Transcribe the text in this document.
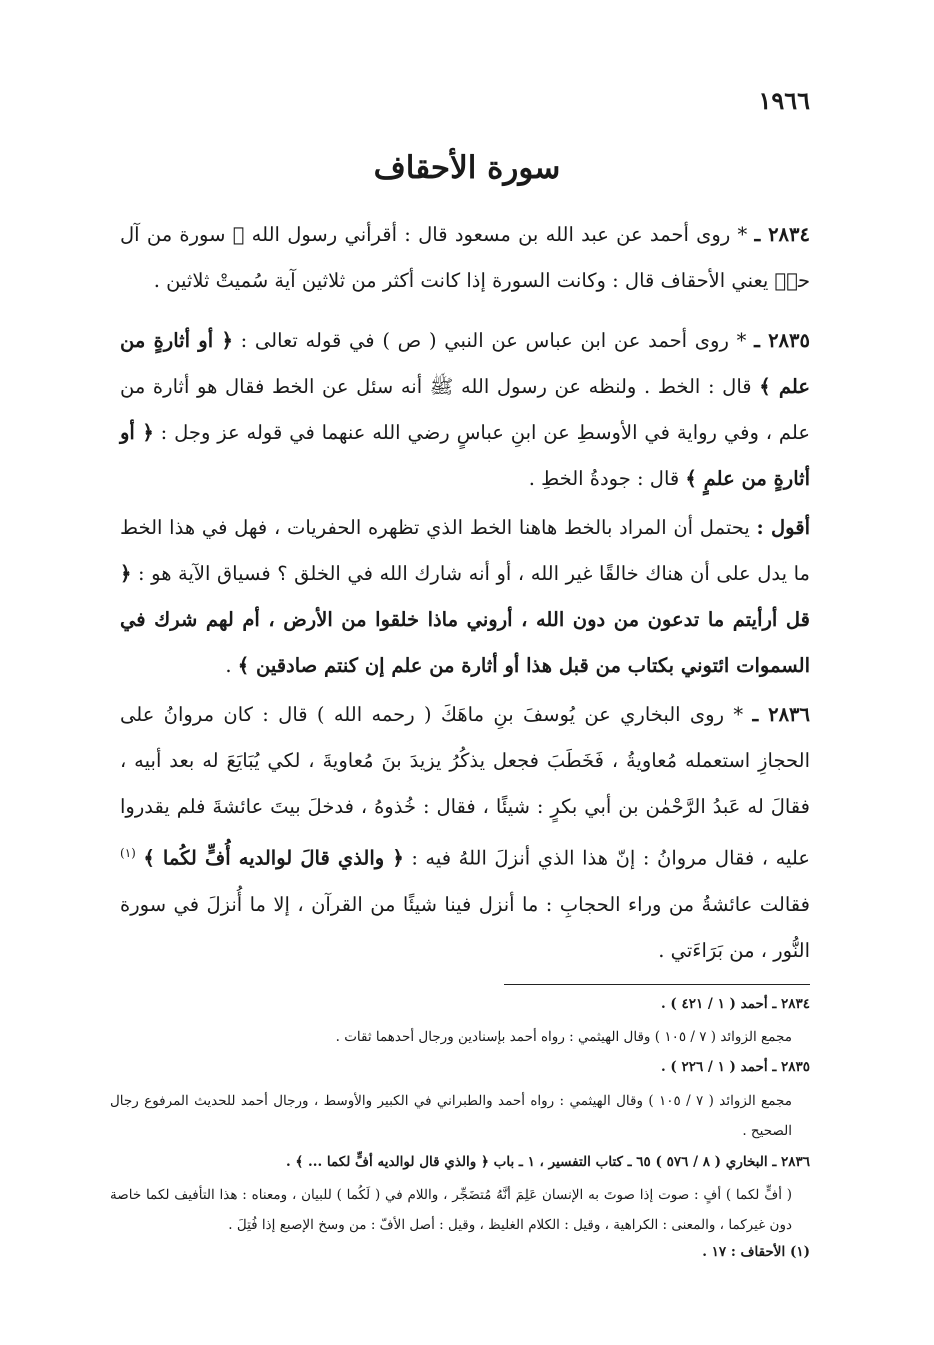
١٩٦٦
سورة الأحقاف
٢٨٣٤ ـ * روى أحمد عن عبد الله بن مسعود قال : أقرأني رسول الله ﷺ سورة من آل حمۤ يعني الأحقاف قال : وكانت السورة إذا كانت أكثر من ثلاثين آية سُميتْ ثلاثين .
٢٨٣٥ ـ * روى أحمد عن ابن عباس عن النبي ( ص ) في قوله تعالى : ﴿ أو أثارةٍ من علم ﴾ قال : الخط . ولنظه عن رسول الله ﷺ أنه سئل عن الخط فقال هو أثارة من علم ، وفي رواية في الأوسطِ عن ابنِ عباسٍ رضي الله عنهما في قوله عز وجل : ﴿ أو أثارةٍ من علمٍ ﴾ قال : جودةُ الخطِ .
أقول : يحتمل أن المراد بالخط هاهنا الخط الذي تظهره الحفريات ، فهل في هذا الخط ما يدل على أن هناك خالقًا غير الله ، أو أنه شارك الله في الخلق ؟ فسياق الآية هو : ﴿ قل أرأيتم ما تدعون من دون الله ، أروني ماذا خلقوا من الأرض ، أم لهم شرك في السموات ائتوني بكتاب من قبل هذا أو أثارة من علم إن كنتم صادقين ﴾ .
٢٨٣٦ ـ * روى البخاري عن يُوسفَ بنِ ماهَكَ ( رحمه الله ) قال : كان مروانُ على الحجازِ استعمله مُعاويةُ ، فَخَطَبَ فجعل يذكُرُ يزيدَ بنَ مُعاويةَ ، لكي يُبَايَعَ له بعد أبيه ، فقالَ له عَبدُ الرَّحْمٰن بن أبي بكرٍ : شيئًا ، فقال : خُذوهُ ، فدخلَ بيتَ عائشةَ فلم يقدروا عليه ، فقال مروانُ : إنّ هذا الذي أنزلَ اللهُ فيه : ﴿ والذي قالَ لوالديه أُفٍّ لكُما ﴾ $^{(١)}$ فقالت عائشةُ من وراء الحجابِ : ما أنزل فينا شيئًا من القرآن ، إلا ما أُنزلَ في سورة النُّور ، من بَرَاءَتي .
٢٨٣٤ ـ أحمد ( ١ / ٤٢١ ) .
مجمع الزوائد ( ٧ / ١٠٥ ) وقال الهيثمي : رواه أحمد بإسنادين ورجال أحدهما ثقات .
٢٨٣٥ ـ أحمد ( ١ / ٢٢٦ ) .
مجمع الزوائد ( ٧ / ١٠٥ ) وقال الهيثمي : رواه أحمد والطبراني في الكبير والأوسط ، ورجال أحمد للحديث المرفوع رجال الصحيح .
٢٨٣٦ ـ البخاري ( ٨ / ٥٧٦ ) ٦٥ ـ كتاب التفسير ، ١ ـ باب ﴿ والذي قال لوالديه أفٍّ لكما ... ﴾ .
( أفٍّ لكما ) أفٍ : صوت إذا صوتَ به الإنسان عَلِمَ أنَّهُ مُتضَجِّر ، واللام في ( لَكُما ) للبيان ، ومعناه : هذا التأفيف لكما خاصة دون غيركما ، والمعنى : الكراهية ، وقيل : الكلام الغليظ ، وقيل : أصل الأفّ : من وسخ الإصبع إذا فُتِلَ .
(١) الأحقاف : ١٧ .
